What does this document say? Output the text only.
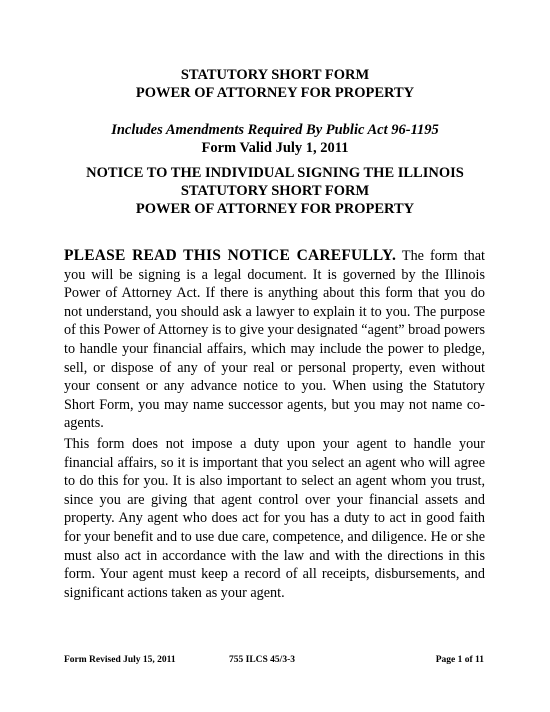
STATUTORY SHORT FORM
POWER OF ATTORNEY FOR PROPERTY
Includes Amendments Required By Public Act 96-1195
Form Valid July 1, 2011
NOTICE TO THE INDIVIDUAL SIGNING THE ILLINOIS
STATUTORY SHORT FORM
POWER OF ATTORNEY FOR PROPERTY

PLEASE READ THIS NOTICE CAREFULLY. The form that you will be signing is a legal document. It is governed by the Illinois Power of Attorney Act. If there is anything about this form that you do not understand, you should ask a lawyer to explain it to you. The purpose of this Power of Attorney is to give your designated “agent” broad powers to handle your financial affairs, which may include the power to pledge, sell, or dispose of any of your real or personal property, even without your consent or any advance notice to you. When using the Statutory Short Form, you may name successor agents, but you may not name co-agents.

This form does not impose a duty upon your agent to handle your financial affairs, so it is important that you select an agent who will agree to do this for you. It is also important to select an agent whom you trust, since you are giving that agent control over your financial assets and property. Any agent who does act for you has a duty to act in good faith for your benefit and to use due care, competence, and diligence. He or she must also act in accordance with the law and with the directions in this form. Your agent must keep a record of all receipts, disbursements, and significant actions taken as your agent.

Form Revised July 15, 2011	755 ILCS 45/3-3	Page 1 of 11
